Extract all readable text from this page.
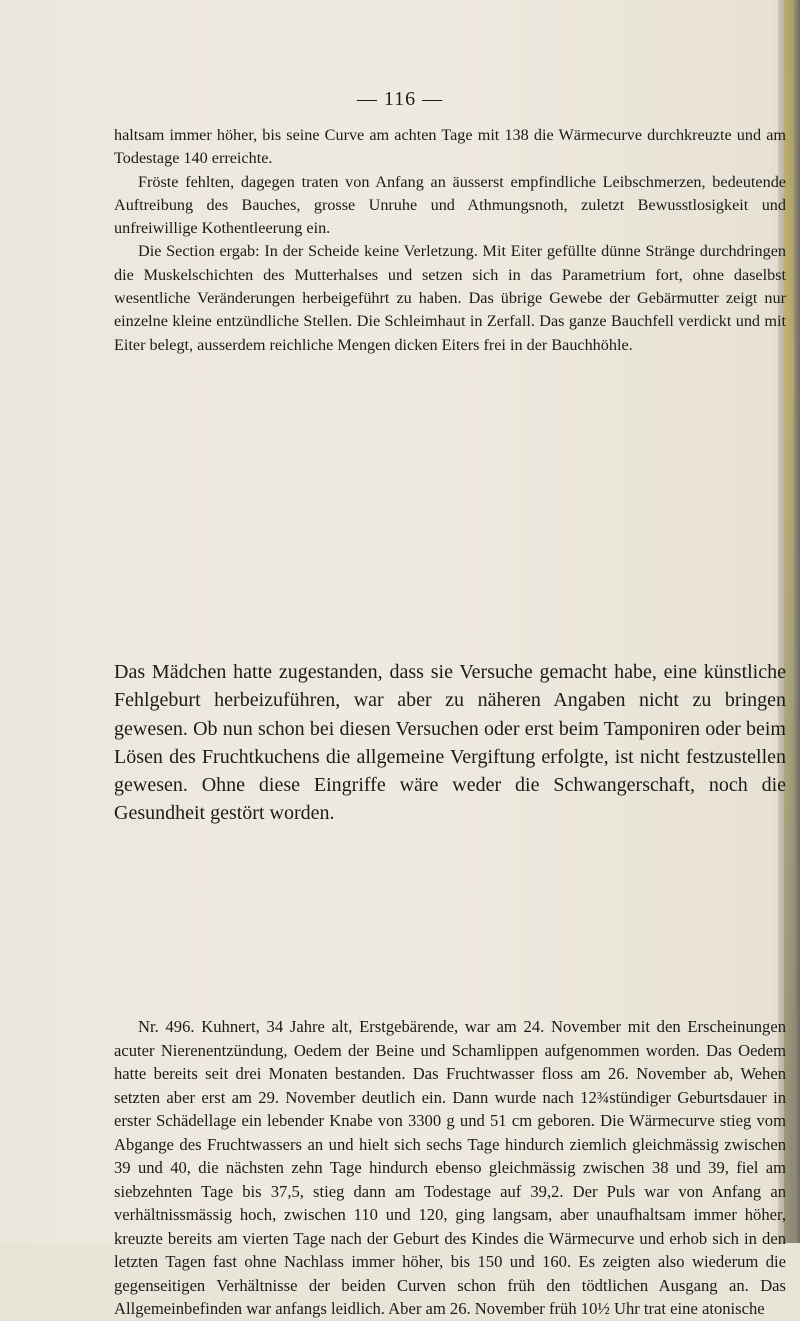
— 116 —

haltsam immer höher, bis seine Curve am achten Tage mit 138 die Wärmecurve durchkreuzte und am Todestage 140 erreichte.

Fröste fehlten, dagegen traten von Anfang an äusserst empfindliche Leibschmerzen, bedeutende Auftreibung des Bauches, grosse Unruhe und Athmungsnoth, zuletzt Bewusstlosigkeit und unfreiwillige Kothentleerung ein.

Die Section ergab: In der Scheide keine Verletzung. Mit Eiter gefüllte dünne Stränge durchdringen die Muskelschichten des Mutterhalses und setzen sich in das Parametrium fort, ohne daselbst wesentliche Veränderungen herbeigeführt zu haben. Das übrige Gewebe der Gebärmutter zeigt nur einzelne kleine entzündliche Stellen. Die Schleimhaut in Zerfall. Das ganze Bauchfell verdickt und mit Eiter belegt, ausserdem reichliche Mengen dicken Eiters frei in der Bauchhöhle.

Das Mädchen hatte zugestanden, dass sie Versuche gemacht habe, eine künstliche Fehlgeburt herbeizuführen, war aber zu näheren Angaben nicht zu bringen gewesen. Ob nun schon bei diesen Versuchen oder erst beim Tamponiren oder beim Lösen des Fruchtkuchens die allgemeine Vergiftung erfolgte, ist nicht festzustellen gewesen. Ohne diese Eingriffe wäre weder die Schwangerschaft, noch die Gesundheit gestört worden.

Nr. 496. Kuhnert, 34 Jahre alt, Erstgebärende, war am 24. November mit den Erscheinungen acuter Nierenentzündung, Oedem der Beine und Schamlippen aufgenommen worden. Das Oedem hatte bereits seit drei Monaten bestanden. Das Fruchtwasser floss am 26. November ab, Wehen setzten aber erst am 29. November deutlich ein. Dann wurde nach 12¾stündiger Geburtsdauer in erster Schädellage ein lebender Knabe von 3300 g und 51 cm geboren. Die Wärmecurve stieg vom Abgange des Fruchtwassers an und hielt sich sechs Tage hindurch ziemlich gleichmässig zwischen 39 und 40, die nächsten zehn Tage hindurch ebenso gleichmässig zwischen 38 und 39, fiel am siebzehnten Tage bis 37,5, stieg dann am Todestage auf 39,2. Der Puls war von Anfang an verhältnissmässig hoch, zwischen 110 und 120, ging langsam, aber unaufhaltsam immer höher, kreuzte bereits am vierten Tage nach der Geburt des Kindes die Wärmecurve und erhob sich in den letzten Tagen fast ohne Nachlass immer höher, bis 150 und 160. Es zeigten also wiederum die gegenseitigen Verhältnisse der beiden Curven schon früh den tödtlichen Ausgang an. Das Allgemeinbefinden war anfangs leidlich. Aber am 26. November früh 10½ Uhr trat eine atonische
